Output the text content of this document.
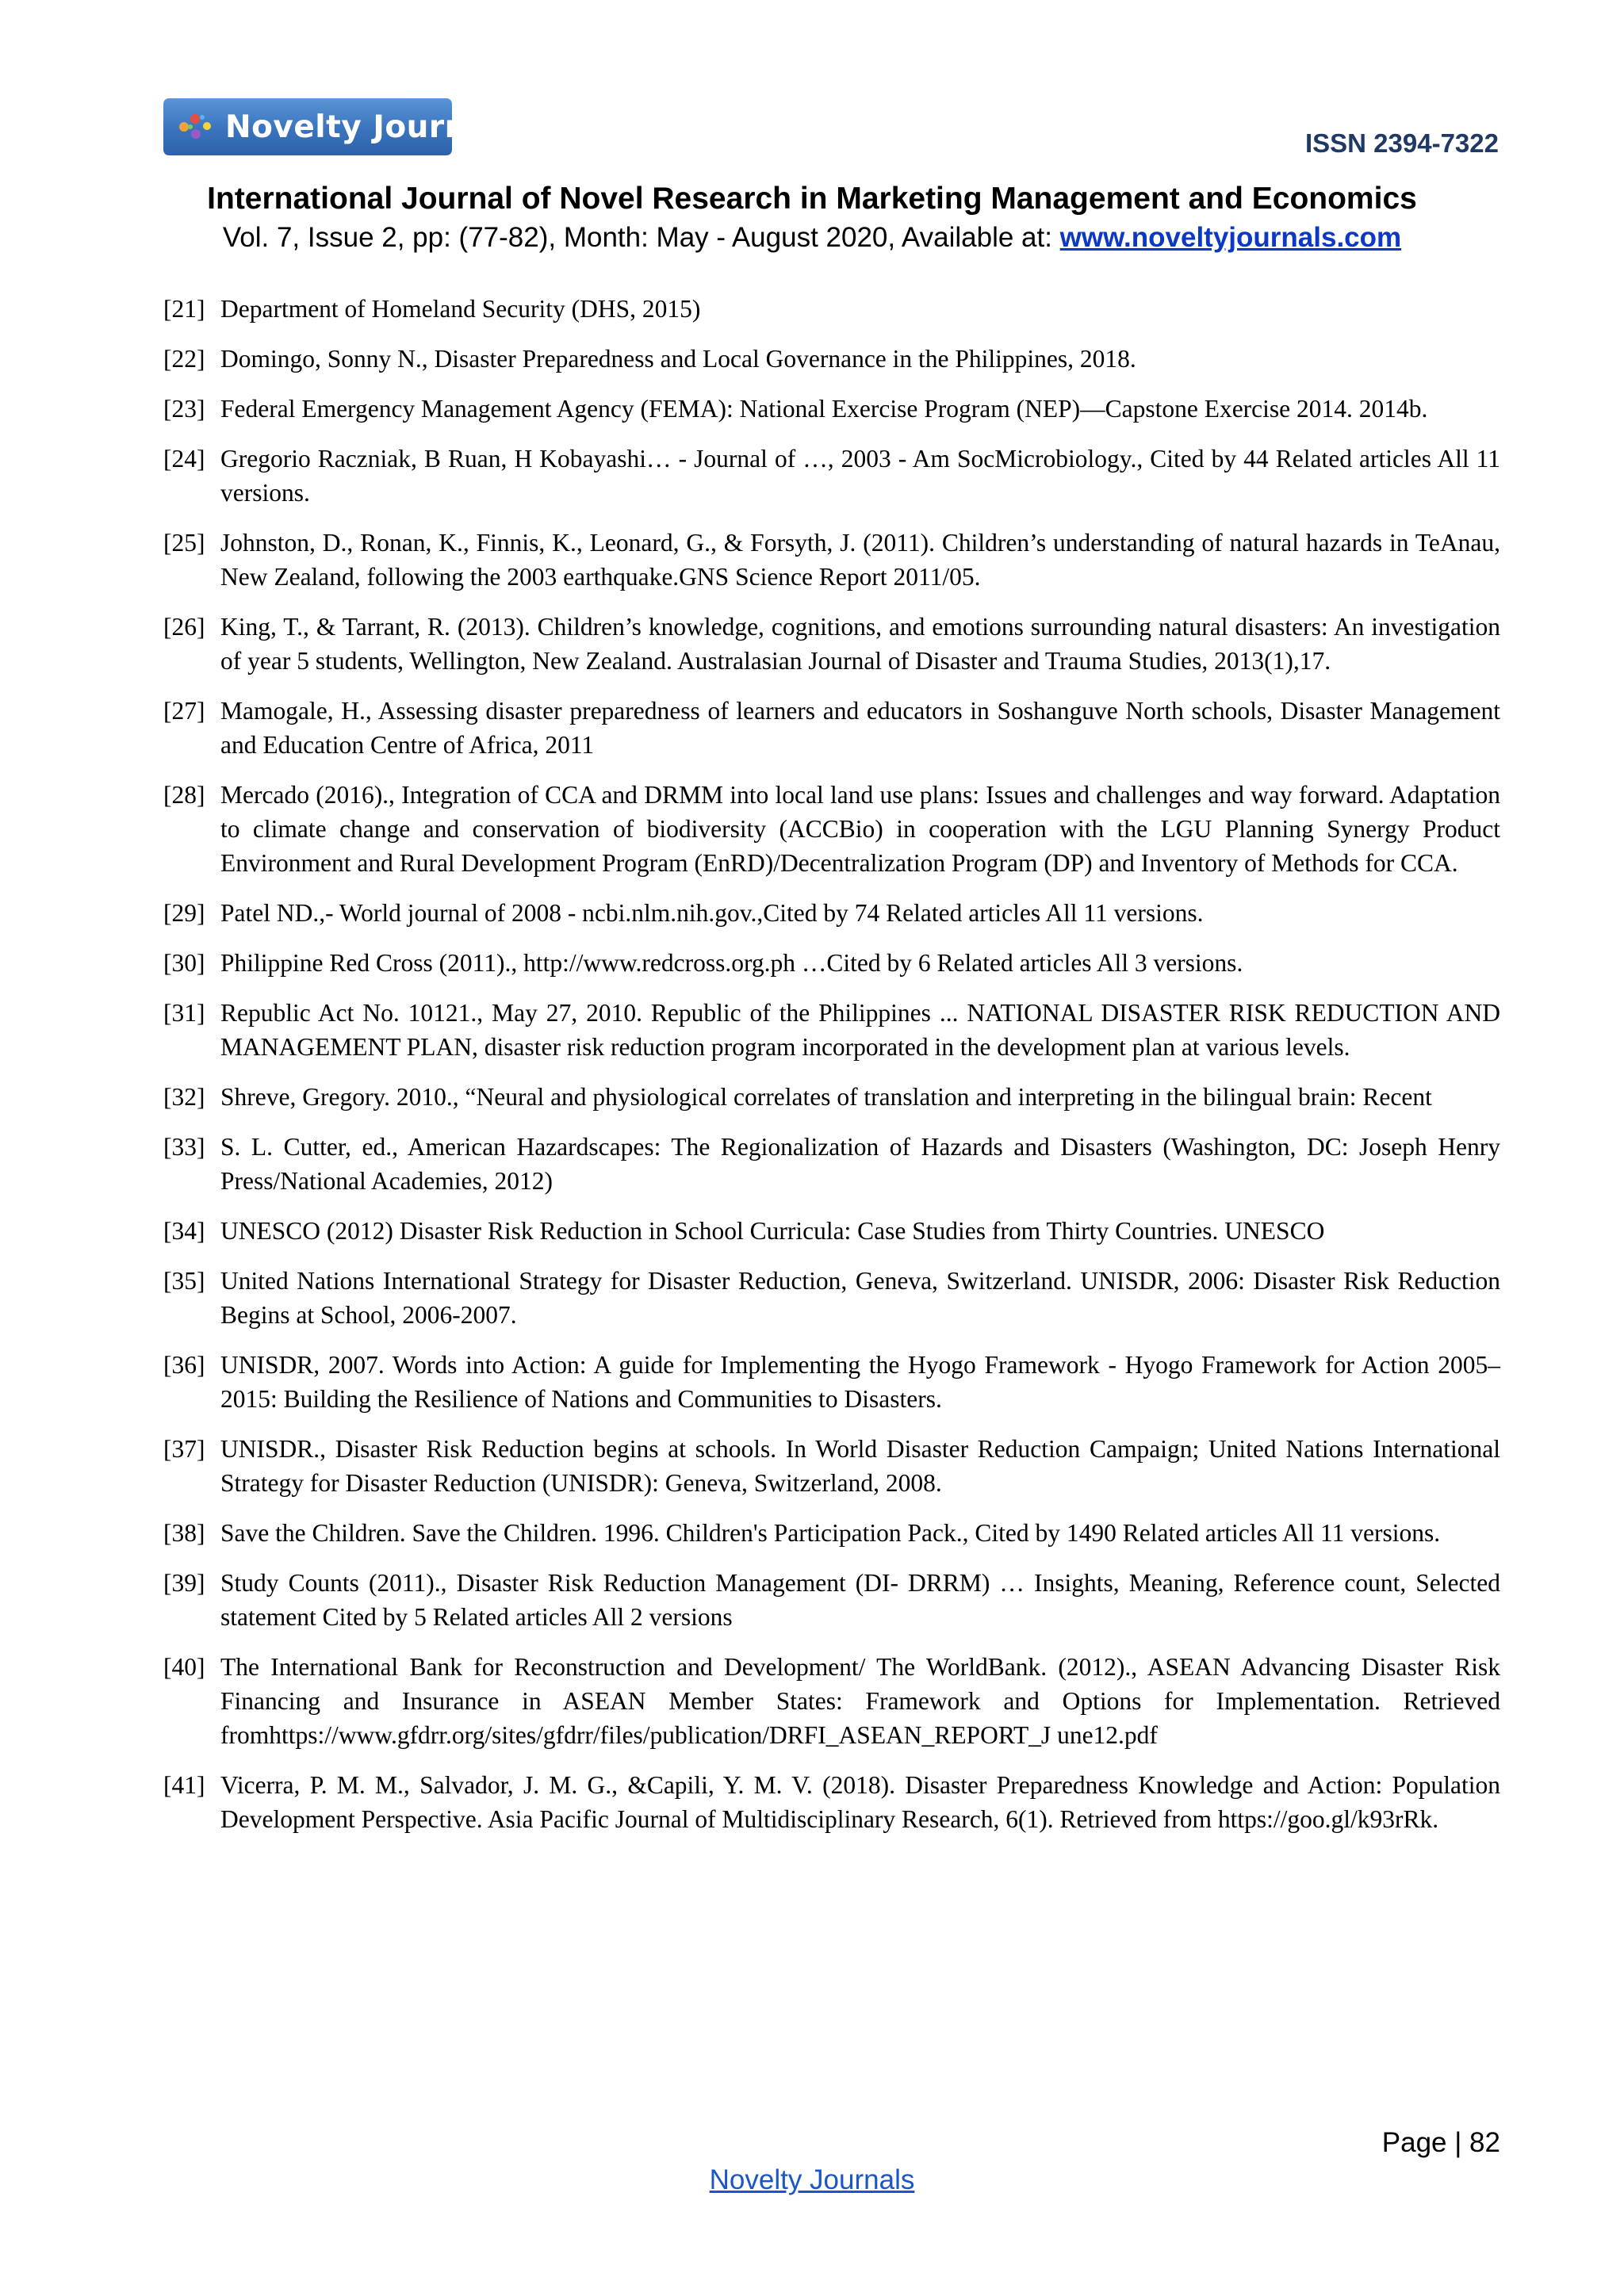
Novelty Journals	ISSN 2394-7322
International Journal of Novel Research in Marketing Management and Economics
Vol. 7, Issue 2, pp: (77-82), Month: May - August 2020, Available at: www.noveltyjournals.com
[21] Department of Homeland Security (DHS, 2015)
[22] Domingo, Sonny N., Disaster Preparedness and Local Governance in the Philippines, 2018.
[23] Federal Emergency Management Agency (FEMA): National Exercise Program (NEP)—Capstone Exercise 2014. 2014b.
[24] Gregorio Raczniak, B Ruan, H Kobayashi… - Journal of …, 2003 - Am SocMicrobiology., Cited by 44 Related articles All 11 versions.
[25] Johnston, D., Ronan, K., Finnis, K., Leonard, G., & Forsyth, J. (2011). Children’s understanding of natural hazards in TeAnau, New Zealand, following the 2003 earthquake.GNS Science Report 2011/05.
[26] King, T., & Tarrant, R. (2013). Children’s knowledge, cognitions, and emotions surrounding natural disasters: An investigation of year 5 students, Wellington, New Zealand. Australasian Journal of Disaster and Trauma Studies, 2013(1),17.
[27] Mamogale, H., Assessing disaster preparedness of learners and educators in Soshanguve North schools, Disaster Management and Education Centre of Africa, 2011
[28] Mercado (2016)., Integration of CCA and DRMM into local land use plans: Issues and challenges and way forward. Adaptation to climate change and conservation of biodiversity (ACCBio) in cooperation with the LGU Planning Synergy Product Environment and Rural Development Program (EnRD)/Decentralization Program (DP) and Inventory of Methods for CCA.
[29] Patel ND.,- World journal of 2008 - ncbi.nlm.nih.gov.,Cited by 74 Related articles All 11 versions.
[30] Philippine Red Cross (2011)., http://www.redcross.org.ph …Cited by 6 Related articles All 3 versions.
[31] Republic Act No. 10121., May 27, 2010. Republic of the Philippines ... NATIONAL DISASTER RISK REDUCTION AND MANAGEMENT PLAN, disaster risk reduction program incorporated in the development plan at various levels.
[32] Shreve, Gregory. 2010., “Neural and physiological correlates of translation and interpreting in the bilingual brain: Recent
[33] S. L. Cutter, ed., American Hazardscapes: The Regionalization of Hazards and Disasters (Washington, DC: Joseph Henry Press/National Academies, 2012)
[34] UNESCO (2012) Disaster Risk Reduction in School Curricula: Case Studies from Thirty Countries. UNESCO
[35] United Nations International Strategy for Disaster Reduction, Geneva, Switzerland. UNISDR, 2006: Disaster Risk Reduction Begins at School, 2006-2007.
[36] UNISDR, 2007. Words into Action: A guide for Implementing the Hyogo Framework - Hyogo Framework for Action 2005–2015: Building the Resilience of Nations and Communities to Disasters.
[37] UNISDR., Disaster Risk Reduction begins at schools. In World Disaster Reduction Campaign; United Nations International Strategy for Disaster Reduction (UNISDR): Geneva, Switzerland, 2008.
[38] Save the Children. Save the Children. 1996. Children's Participation Pack., Cited by 1490 Related articles All 11 versions.
[39] Study Counts (2011)., Disaster Risk Reduction Management (DI- DRRM) … Insights, Meaning, Reference count, Selected statement Cited by 5 Related articles All 2 versions
[40] The International Bank for Reconstruction and Development/ The WorldBank. (2012)., ASEAN Advancing Disaster Risk Financing and Insurance in ASEAN Member States: Framework and Options for Implementation. Retrieved fromhttps://www.gfdrr.org/sites/gfdrr/files/publication/DRFI_ASEAN_REPORT_J une12.pdf
[41] Vicerra, P. M. M., Salvador, J. M. G., &Capili, Y. M. V. (2018). Disaster Preparedness Knowledge and Action: Population Development Perspective. Asia Pacific Journal of Multidisciplinary Research, 6(1). Retrieved from https://goo.gl/k93rRk.
Page | 82
Novelty Journals
